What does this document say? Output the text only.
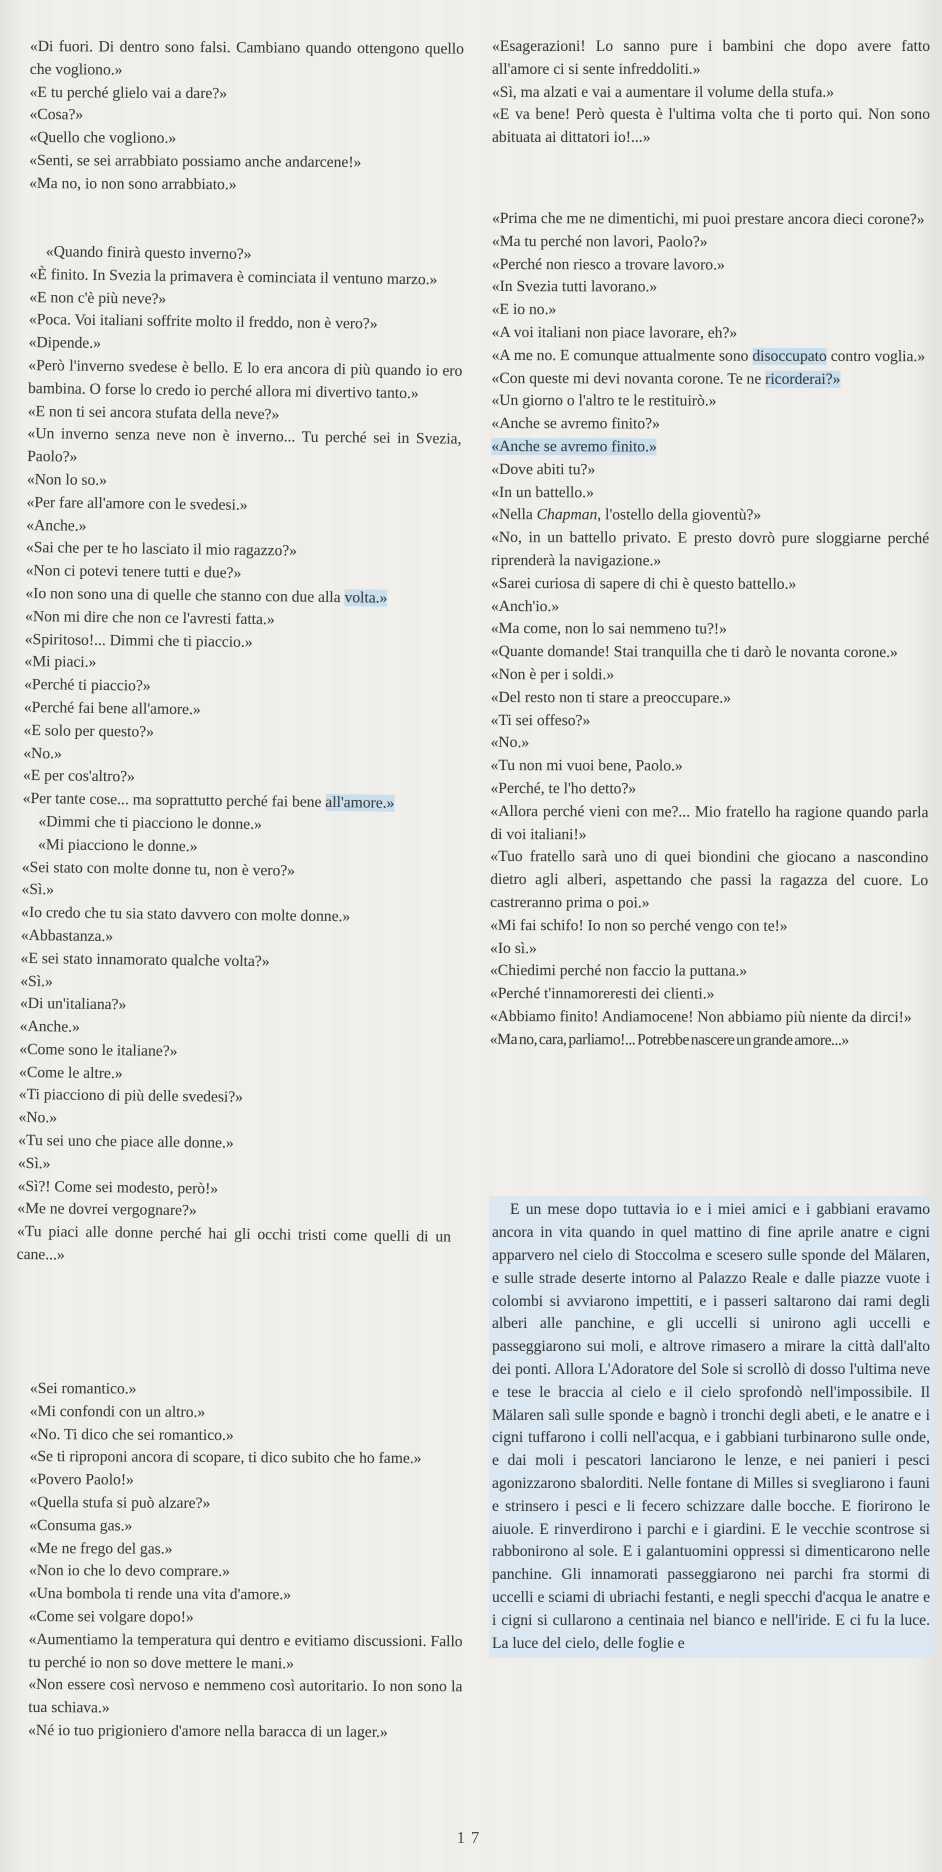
«Di fuori. Di dentro sono falsi. Cambiano quando ottengono quello che vogliono.»

«E tu perché glielo vai a dare?»

«Cosa?»

«Quello che vogliono.»

«Senti, se sei arrabbiato possiamo anche andarcene!»

«Ma no, io non sono arrabbiato.»

«Quando finirà questo inverno?»

«È finito. In Svezia la primavera è cominciata il ventuno marzo.»

«E non c'è più neve?»

«Poca. Voi italiani soffrite molto il freddo, non è vero?»

«Dipende.»

«Però l'inverno svedese è bello. E lo era ancora di più quando io ero bambina. O forse lo credo io perché allora mi divertivo tanto.»

«E non ti sei ancora stufata della neve?»

«Un inverno senza neve non è inverno... Tu perché sei in Svezia, Paolo?»

«Non lo so.»

«Per fare all'amore con le svedesi.»

«Anche.»

«Sai che per te ho lasciato il mio ragazzo?»

«Non ci potevi tenere tutti e due?»

«Io non sono una di quelle che stanno con due alla volta.»

«Non mi dire che non ce l'avresti fatta.»

«Spiritoso!... Dimmi che ti piaccio.»

«Mi piaci.»

«Perché ti piaccio?»

«Perché fai bene all'amore.»

«E solo per questo?»

«No.»

«E per cos'altro?»

«Per tante cose... ma soprattutto perché fai bene all'amore.»

«Dimmi che ti piacciono le donne.»

«Mi piacciono le donne.»

«Sei stato con molte donne tu, non è vero?»

«Sì.»

«Io credo che tu sia stato davvero con molte donne.»

«Abbastanza.»

«E sei stato innamorato qualche volta?»

«Sì.»

«Di un'italiana?»

«Anche.»

«Come sono le italiane?»

«Come le altre.»

«Ti piacciono di più delle svedesi?»

«No.»

«Tu sei uno che piace alle donne.»

«Sì.»

«Sì?! Come sei modesto, però!»

«Me ne dovrei vergognare?»

«Tu piaci alle donne perché hai gli occhi tristi come quelli di un cane...»

«Sei romantico.»

«Mi confondi con un altro.»

«No. Ti dico che sei romantico.»

«Se ti riproponi ancora di scopare, ti dico subito che ho fame.»

«Povero Paolo!»

«Quella stufa si può alzare?»

«Consuma gas.»

«Me ne frego del gas.»

«Non io che lo devo comprare.»

«Una bombola ti rende una vita d'amore.»

«Come sei volgare dopo!»

«Aumentiamo la temperatura qui dentro e evitiamo discussioni. Fallo tu perché io non so dove mettere le mani.»

«Non essere così nervoso e nemmeno così autoritario. Io non sono la tua schiava.»

«Né io tuo prigioniero d'amore nella baracca di un lager.»

«Esagerazioni! Lo sanno pure i bambini che dopo avere fatto all'amore ci si sente infreddoliti.»

«Sì, ma alzati e vai a aumentare il volume della stufa.»

«E va bene! Però questa è l'ultima volta che ti porto qui. Non sono abituata ai dittatori io!...»

«Prima che me ne dimentichi, mi puoi prestare ancora dieci corone?»

«Ma tu perché non lavori, Paolo?»

«Perché non riesco a trovare lavoro.»

«In Svezia tutti lavorano.»

«E io no.»

«A voi italiani non piace lavorare, eh?»

«A me no. E comunque attualmente sono disoccupato contro voglia.»

«Con queste mi devi novanta corone. Te ne ricorderai?»

«Un giorno o l'altro te le restituirò.»

«Anche se avremo finito?»

«Anche se avremo finito.»

«Dove abiti tu?»

«In un battello.»

«Nella Chapman, l'ostello della gioventù?»

«No, in un battello privato. E presto dovrò pure sloggiarne perché riprenderà la navigazione.»

«Sarei curiosa di sapere di chi è questo battello.»

«Anch'io.»

«Ma come, non lo sai nemmeno tu?!»

«Quante domande! Stai tranquilla che ti darò le novanta corone.»

«Non è per i soldi.»

«Del resto non ti stare a preoccupare.»

«Ti sei offeso?»

«No.»

«Tu non mi vuoi bene, Paolo.»

«Perché, te l'ho detto?»

«Allora perché vieni con me?... Mio fratello ha ragione quando parla di voi italiani!»

«Tuo fratello sarà uno di quei biondini che giocano a nascondino dietro agli alberi, aspettando che passi la ragazza del cuore. Lo castreranno prima o poi.»

«Mi fai schifo! Io non so perché vengo con te!»

«Io sì.»

«Chiedimi perché non faccio la puttana.»

«Perché t'innamoreresti dei clienti.»

«Abbiamo finito! Andiamocene! Non abbiamo più niente da dirci!»

«Ma no, cara, parliamo!... Potrebbe nascere un grande amore...»

E un mese dopo tuttavia io e i miei amici e i gabbiani eravamo ancora in vita quando in quel mattino di fine aprile anatre e cigni apparvero nel cielo di Stoccolma e scesero sulle sponde del Mälaren, e sulle strade deserte intorno al Palazzo Reale e dalle piazze vuote i colombi si avviarono impettiti, e i passeri saltarono dai rami degli alberi alle panchine, e gli uccelli si unirono agli uccelli e passeggiarono sui moli, e altrove rimasero a mirare la città dall'alto dei ponti. Allora L'Adoratore del Sole si scrollò di dosso l'ultima neve e tese le braccia al cielo e il cielo sprofondò nell'impossibile. Il Mälaren salì sulle sponde e bagnò i tronchi degli abeti, e le anatre e i cigni tuffarono i colli nell'acqua, e i gabbiani turbinarono sulle onde, e dai moli i pescatori lanciarono le lenze, e nei panieri i pesci agonizzarono sbalorditi. Nelle fontane di Milles si svegliarono i fauni e strinsero i pesci e li fecero schizzare dalle bocche. E fiorirono le aiuole. E rinverdirono i parchi e i giardini. E le vecchie scontrose si rabbonirono al sole. E i galantuomini oppressi si dimenticarono nelle panchine. Gli innamorati passeggiarono nei parchi fra stormi di uccelli e sciami di ubriachi festanti, e negli specchi d'acqua le anatre e i cigni si cullarono a centinaia nel bianco e nell'iride. E ci fu la luce. La luce del cielo, delle foglie e

17
